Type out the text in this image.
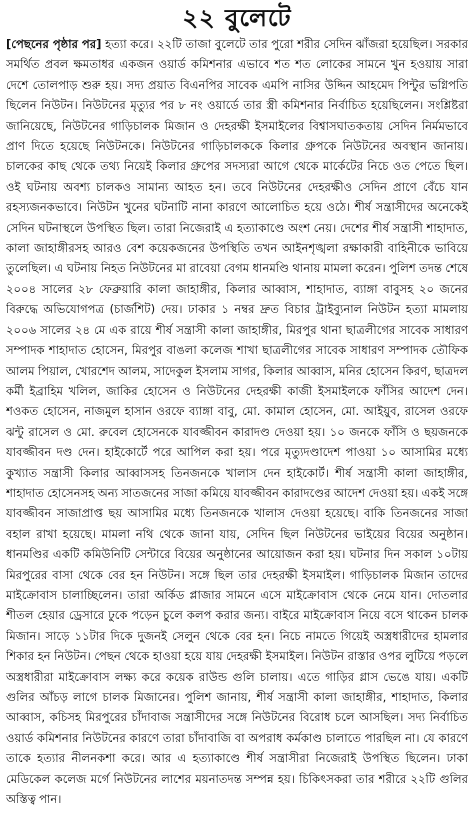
২২ বুলেটে

[পেছনের পৃষ্ঠার পর] হত্যা করে। ২২টি তাজা বুলেটে তার পুরো শরীর সেদিন ঝাঁজরা হয়েছিল। সরকার সমর্থিত প্রবল ক্ষমতাধর একজন ওয়ার্ড কমিশনার এভাবে শত শত লোকের সামনে খুন হওয়ায় সারা দেশে তোলপাড় শুরু হয়। সদ্য প্রয়াত বিএনপির সাবেক এমপি নাসির উদ্দিন আহমেদ পিন্টুর ভগ্নিপতি ছিলেন নিউটন। নিউটনের মৃত্যুর পর ৮ নং ওয়ার্ডে তার স্ত্রী কমিশনার নির্বাচিত হয়েছিলেন। সংশ্লিষ্টরা জানিয়েছে, নিউটনের গাড়িচালক মিজান ও দেহরক্ষী ইসমাইলের বিশ্বাসঘাতকতায় সেদিন নির্মমভাবে প্রাণ দিতে হয়েছে নিউটনকে। নিউটনের গাড়িচালককে কিলার গ্রুপকে নিউটনের অবস্থান জানায়। চালকের কাছ থেকে তথ্য নিয়েই কিলার গ্রুপের সদস্যরা আগে থেকে মার্কেটের নিচে ওত পেতে ছিল। ওই ঘটনায় অবশ্য চালকও সামান্য আহত হন। তবে নিউটনের দেহরক্ষীও সেদিন প্রাণে বেঁচে যান রহস্যজনকভাবে। নিউটন খুনের ঘটনাটি নানা কারণে আলোচিত হয়ে ওঠে। শীর্ষ সন্ত্রাসীদের অনেকেই সেদিন ঘটনাস্থলে উপস্থিত ছিল। তারা নিজেরাই এ হত্যাকাণ্ডে অংশ নেয়। দেশের শীর্ষ সন্ত্রাসী শাহাদাত, কালা জাহাঙ্গীরসহ আরও বেশ কয়েকজনের উপস্থিতি তখন আইনশৃঙ্খলা রক্ষাকারী বাহিনীকে ভাবিয়ে তুলেছিল। এ ঘটনায় নিহত নিউটনের মা রাবেয়া বেগম ধানমণ্ডি থানায় মামলা করেন। পুলিশ তদন্ত শেষে ২০০৪ সালের ২৮ ফেব্রুয়ারি কালা জাহাঙ্গীর, কিলার আব্বাস, শাহাদাত, ব্যাঙ্গা বাবুসহ ২০ জনের বিরুদ্ধে অভিযোগপত্র (চার্জশিট) দেয়। ঢাকার ১ নম্বর দ্রুত বিচার ট্রাইব্যুনাল নিউটন হত্যা মামলায় ২০০৬ সালের ২৪ মে এক রায়ে শীর্ষ সন্ত্রাসী কালা জাহাঙ্গীর, মিরপুর থানা ছাত্রলীগের সাবেক সাধারণ সম্পাদক শাহাদাত হোসেন, মিরপুর বাঙলা কলেজ শাখা ছাত্রলীগের সাবেক সাধারণ সম্পাদক তৌফিক আলম পিয়াল, খোরশেদ আলম, সাদেকুল ইসলাম সাগর, কিলার আব্বাস, মনির হোসেন কিরণ, ছাত্রদল কর্মী ইব্রাহিম খলিল, জাকির হোসেন ও নিউটনের দেহরক্ষী কাজী ইসমাইলকে ফাঁসির আদেশ দেন। শওকত হোসেন, নাজমুল হাসান ওরফে ব্যাঙ্গা বাবু, মো. কামাল হোসেন, মো. আইয়ুব, রাসেল ওরফে ঝন্টু রাসেল ও মো. রুবেল হোসেনকে যাবজ্জীবন কারাদণ্ড দেওয়া হয়। ১০ জনকে ফাঁসি ও ছয়জনকে যাবজ্জীবন দণ্ড দেন। হাইকোর্টে পরে আপিল করা হয়। পরে মৃত্যুদণ্ডাদেশ পাওয়া ১০ আসামির মধ্যে কুখ্যাত সন্ত্রাসী কিলার আব্বাসসহ তিনজনকে খালাস দেন হাইকোর্ট। শীর্ষ সন্ত্রাসী কালা জাহাঙ্গীর, শাহাদাত হোসেনসহ অন্য সাতজনের সাজা কমিয়ে যাবজ্জীবন কারাদণ্ডের আদেশ দেওয়া হয়। একই সঙ্গে যাবজ্জীবন সাজাপ্রাপ্ত ছয় আসামির মধ্যে তিনজনকে খালাস দেওয়া হয়েছে। বাকি তিনজনের সাজা বহাল রাখা হয়েছে। মামলা নথি থেকে জানা যায়, সেদিন ছিল নিউটনের ভাইয়ের বিয়ের অনুষ্ঠান। ধানমণ্ডির একটি কমিউনিটি সেন্টারে বিয়ের অনুষ্ঠানের আয়োজন করা হয়। ঘটনার দিন সকাল ১০টায় মিরপুরের বাসা থেকে বের হন নিউটন। সঙ্গে ছিল তার দেহরক্ষী ইসমাইল। গাড়িচালক মিজান তাদের মাইক্রোবাস চালাচ্ছিলেন। তারা অর্কিড প্লাজার সামনে এসে মাইক্রোবাস থেকে নেমে যান। দোতলার শীতল হেয়ার ড্রেসারে ঢুকে পড়েন চুলে কলপ করার জন্য। বাইরে মাইক্রোবাস নিয়ে বসে থাকেন চালক মিজান। সাড়ে ১১টার দিকে দুজনই সেলুন থেকে বের হন। নিচে নামতে গিয়েই অস্ত্রধারীদের হামলার শিকার হন নিউটন। পেছন থেকে হাওয়া হয়ে যায় দেহরক্ষী ইসমাইল। নিউটন রাস্তার ওপর লুটিয়ে পড়লে অস্ত্রধারীরা মাইক্রোবাস লক্ষ্য করে কয়েক রাউন্ড গুলি চালায়। এতে গাড়ির গ্লাস ভেঙে যায়। একটি গুলির আঁচড় লাগে চালক মিজানের। পুলিশ জানায়, শীর্ষ সন্ত্রাসী কালা জাহাঙ্গীর, শাহাদাত, কিলার আব্বাস, কচিসহ মিরপুরের চাঁদাবাজ সন্ত্রাসীদের সঙ্গে নিউটনের বিরোধ চলে আসছিল। সদ্য নির্বাচিত ওয়ার্ড কমিশনার নিউটনের কারণে তারা চাঁদাবাজি বা অপরাধ কর্মকাণ্ড চালাতে পারছিল না। যে কারণে তাকে হত্যার নীলনকশা করে। আর এ হত্যাকাণ্ডে শীর্ষ সন্ত্রাসীরা নিজেরাই উপস্থিত ছিলেন। ঢাকা মেডিকেল কলেজ মর্গে নিউটনের লাশের ময়নাতদন্ত সম্পন্ন হয়। চিকিৎসকরা তার শরীরে ২২টি গুলির অস্তিত্ব পান।
